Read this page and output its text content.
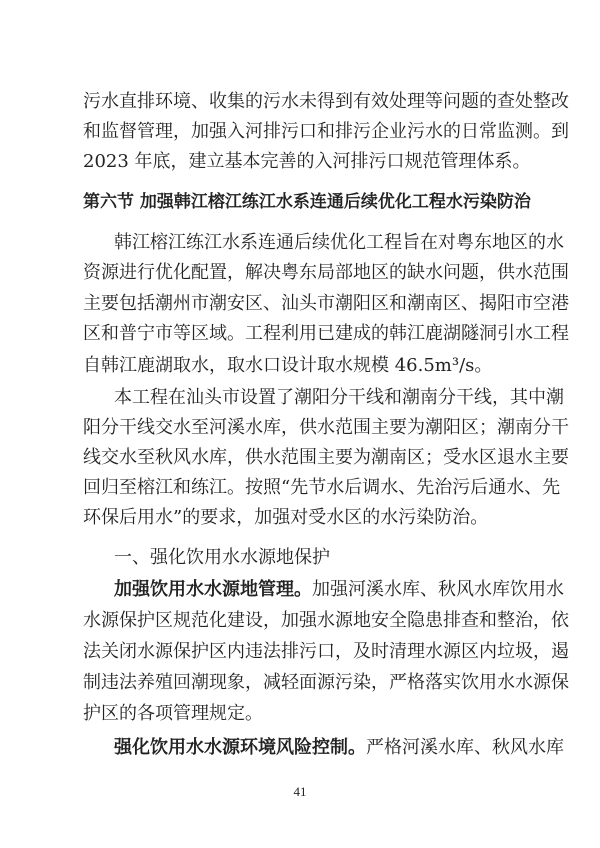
污水直排环境、收集的污水未得到有效处理等问题的查处整改
和监督管理，加强入河排污口和排污企业污水的日常监测。到
2023 年底，建立基本完善的入河排污口规范管理体系。
第六节 加强韩江榕江练江水系连通后续优化工程水污染防治
韩江榕江练江水系连通后续优化工程旨在对粤东地区的水
资源进行优化配置，解决粤东局部地区的缺水问题，供水范围
主要包括潮州市潮安区、汕头市潮阳区和潮南区、揭阳市空港
区和普宁市等区域。工程利用已建成的韩江鹿湖隧洞引水工程
自韩江鹿湖取水，取水口设计取水规模 46.5m³/s。
本工程在汕头市设置了潮阳分干线和潮南分干线，其中潮
阳分干线交水至河溪水库，供水范围主要为潮阳区；潮南分干
线交水至秋风水库，供水范围主要为潮南区；受水区退水主要
回归至榕江和练江。按照“先节水后调水、先治污后通水、先
环保后用水”的要求，加强对受水区的水污染防治。
一、强化饮用水水源地保护
加强饮用水水源地管理。加强河溪水库、秋风水库饮用水
水源保护区规范化建设，加强水源地安全隐患排查和整治，依
法关闭水源保护区内违法排污口，及时清理水源区内垃圾，遏
制违法养殖回潮现象，减轻面源污染，严格落实饮用水水源保
护区的各项管理规定。
强化饮用水水源环境风险控制。严格河溪水库、秋风水库
41
